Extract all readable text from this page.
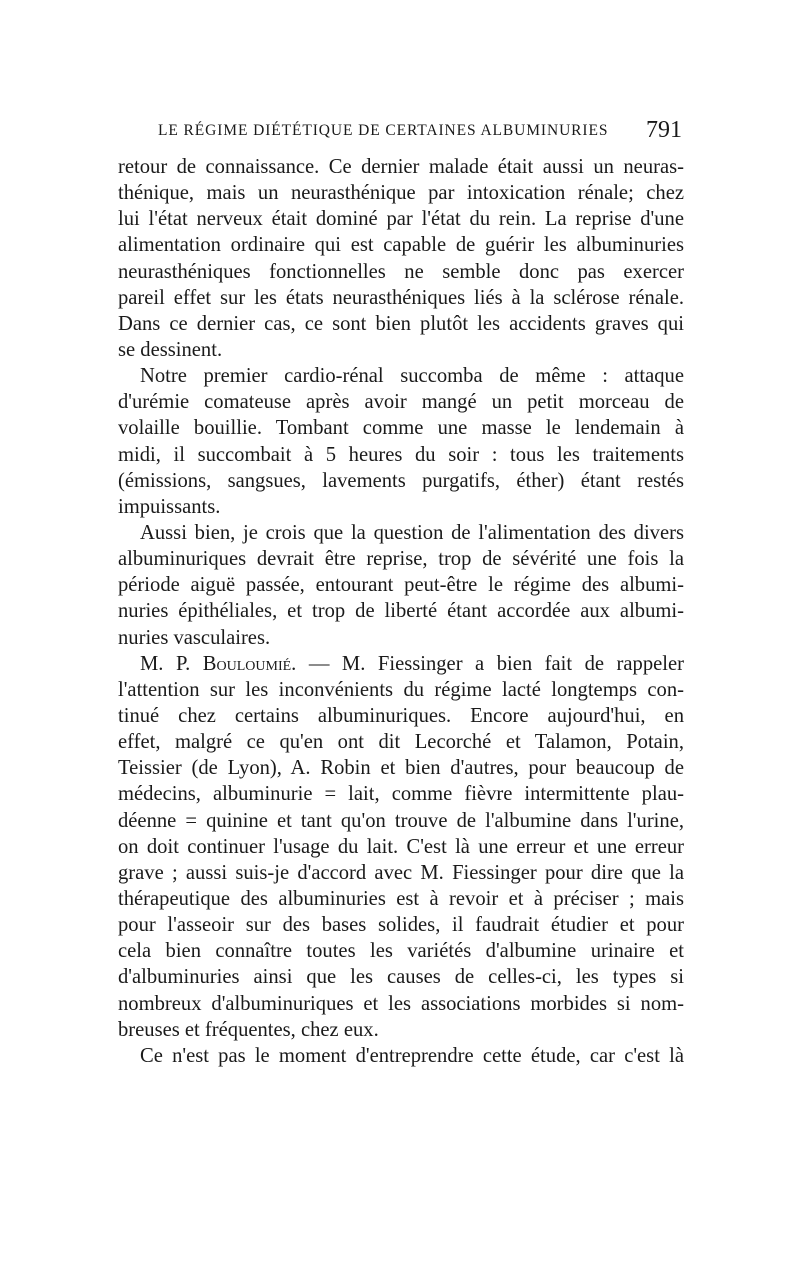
LE RÉGIME DIÉTÉTIQUE DE CERTAINES ALBUMINURIES 791

retour de connaissance. Ce dernier malade était aussi un neuras-
thénique, mais un neurasthénique par intoxication rénale; chez
lui l'état nerveux était dominé par l'état du rein. La reprise d'une
alimentation ordinaire qui est capable de guérir les albuminuries
neurasthéniques fonctionnelles ne semble donc pas exercer
pareil effet sur les états neurasthéniques liés à la sclérose rénale.
Dans ce dernier cas, ce sont bien plutôt les accidents graves qui
se dessinent.

Notre premier cardio-rénal succomba de même : attaque
d'urémie comateuse après avoir mangé un petit morceau de
volaille bouillie. Tombant comme une masse le lendemain à
midi, il succombait à 5 heures du soir : tous les traitements
(émissions, sangsues, lavements purgatifs, éther) étant restés
impuissants.

Aussi bien, je crois que la question de l'alimentation des divers
albuminuriques devrait être reprise, trop de sévérité une fois la
période aiguë passée, entourant peut-être le régime des albumi-
nuries épithéliales, et trop de liberté étant accordée aux albumi-
nuries vasculaires.

M. P. Bouloumié. — M. Fiessinger a bien fait de rappeler
l'attention sur les inconvénients du régime lacté longtemps con-
tinué chez certains albuminuriques. Encore aujourd'hui, en
effet, malgré ce qu'en ont dit Lecorché et Talamon, Potain,
Teissier (de Lyon), A. Robin et bien d'autres, pour beaucoup de
médecins, albuminurie = lait, comme fièvre intermittente plau-
déenne = quinine et tant qu'on trouve de l'albumine dans l'urine,
on doit continuer l'usage du lait. C'est là une erreur et une erreur
grave ; aussi suis-je d'accord avec M. Fiessinger pour dire que la
thérapeutique des albuminuries est à revoir et à préciser ; mais
pour l'asseoir sur des bases solides, il faudrait étudier et pour
cela bien connaître toutes les variétés d'albumine urinaire et
d'albuminuries ainsi que les causes de celles-ci, les types si
nombreux d'albuminuriques et les associations morbides si nom-
breuses et fréquentes, chez eux.

Ce n'est pas le moment d'entreprendre cette étude, car c'est là
